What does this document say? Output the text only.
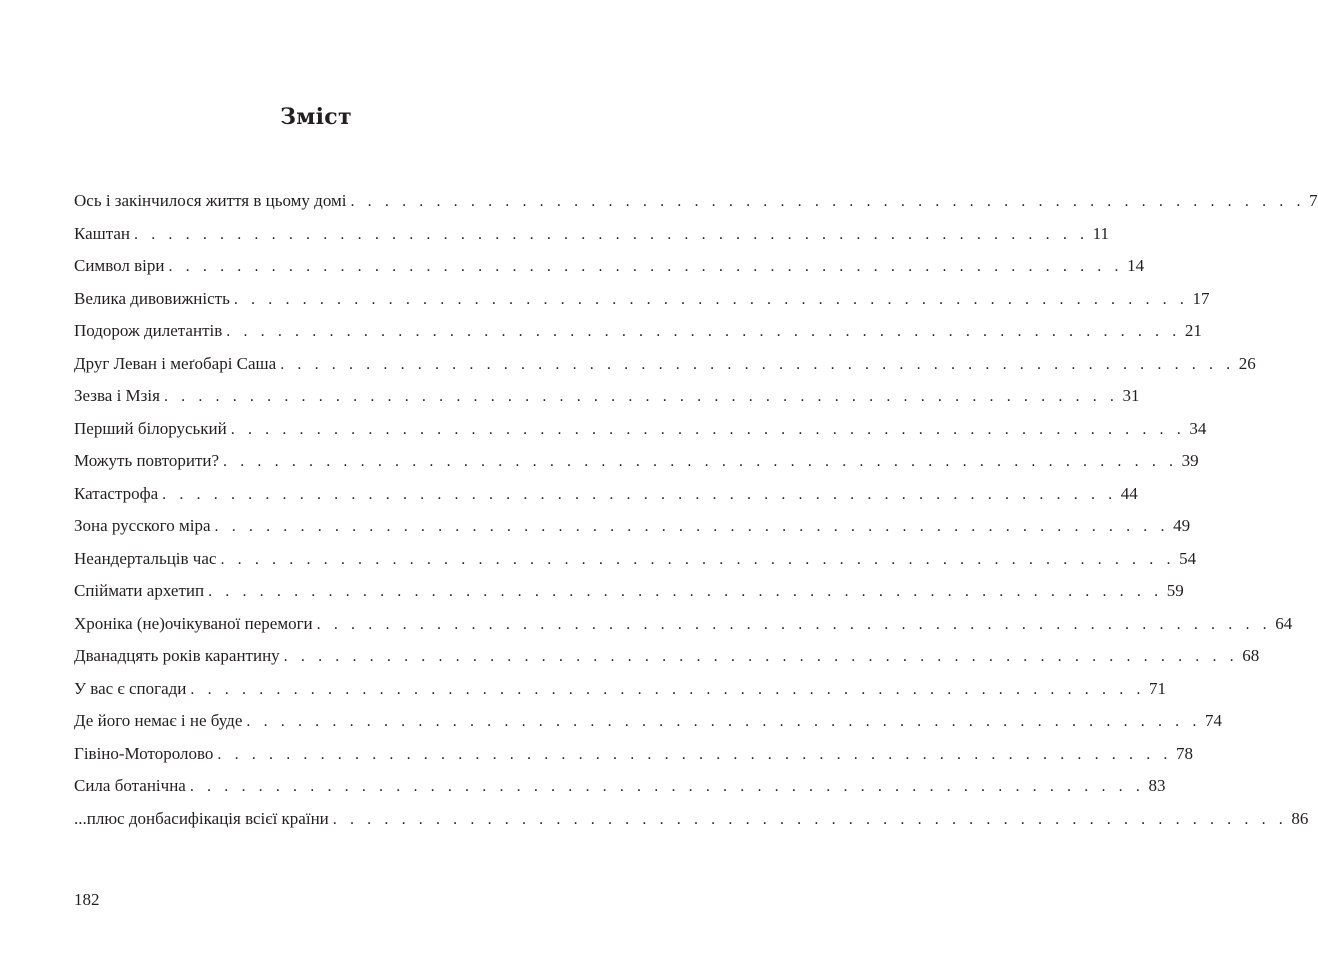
Зміст
Ось і закінчилося життя в цьому домі . . . . . . . . . . . . . . . . . . . . . . . . . . . . . . . . . . . . . . . . . . . . . . . . . . . . . . . . 7
Каштан . . . . . . . . . . . . . . . . . . . . . . . . . . . . . . . . . . . . . . . . . . . . . . . . . . . . . . . . 11
Символ віри . . . . . . . . . . . . . . . . . . . . . . . . . . . . . . . . . . . . . . . . . . . . . . . . . . . . . . . . 14
Велика дивовижність . . . . . . . . . . . . . . . . . . . . . . . . . . . . . . . . . . . . . . . . . . . . . . . . . . . . . . . . 17
Подорож дилетантів . . . . . . . . . . . . . . . . . . . . . . . . . . . . . . . . . . . . . . . . . . . . . . . . . . . . . . . . 21
Друг Леван і меґобарі Саша . . . . . . . . . . . . . . . . . . . . . . . . . . . . . . . . . . . . . . . . . . . . . . . . . . . . . . . . 26
Зезва і Мзія . . . . . . . . . . . . . . . . . . . . . . . . . . . . . . . . . . . . . . . . . . . . . . . . . . . . . . . . 31
Перший білоруський . . . . . . . . . . . . . . . . . . . . . . . . . . . . . . . . . . . . . . . . . . . . . . . . . . . . . . . . 34
Можуть повторити? . . . . . . . . . . . . . . . . . . . . . . . . . . . . . . . . . . . . . . . . . . . . . . . . . . . . . . . . 39
Катастрофа . . . . . . . . . . . . . . . . . . . . . . . . . . . . . . . . . . . . . . . . . . . . . . . . . . . . . . . . 44
Зона русского міра . . . . . . . . . . . . . . . . . . . . . . . . . . . . . . . . . . . . . . . . . . . . . . . . . . . . . . . . 49
Неандертальців час . . . . . . . . . . . . . . . . . . . . . . . . . . . . . . . . . . . . . . . . . . . . . . . . . . . . . . . . 54
Спіймати архетип . . . . . . . . . . . . . . . . . . . . . . . . . . . . . . . . . . . . . . . . . . . . . . . . . . . . . . . . 59
Хроніка (не)очікуваної перемоги . . . . . . . . . . . . . . . . . . . . . . . . . . . . . . . . . . . . . . . . . . . . . . . . . . . . . . . . 64
Дванадцять років карантину . . . . . . . . . . . . . . . . . . . . . . . . . . . . . . . . . . . . . . . . . . . . . . . . . . . . . . . . 68
У вас є спогади . . . . . . . . . . . . . . . . . . . . . . . . . . . . . . . . . . . . . . . . . . . . . . . . . . . . . . . . 71
Де його немає і не буде . . . . . . . . . . . . . . . . . . . . . . . . . . . . . . . . . . . . . . . . . . . . . . . . . . . . . . . . 74
Гівіно-Моторолово . . . . . . . . . . . . . . . . . . . . . . . . . . . . . . . . . . . . . . . . . . . . . . . . . . . . . . . . 78
Сила ботанічна . . . . . . . . . . . . . . . . . . . . . . . . . . . . . . . . . . . . . . . . . . . . . . . . . . . . . . . . 83
...плюс донбасифікація всієї країни . . . . . . . . . . . . . . . . . . . . . . . . . . . . . . . . . . . . . . . . . . . . . . . . . . . . . . . . 86
182
